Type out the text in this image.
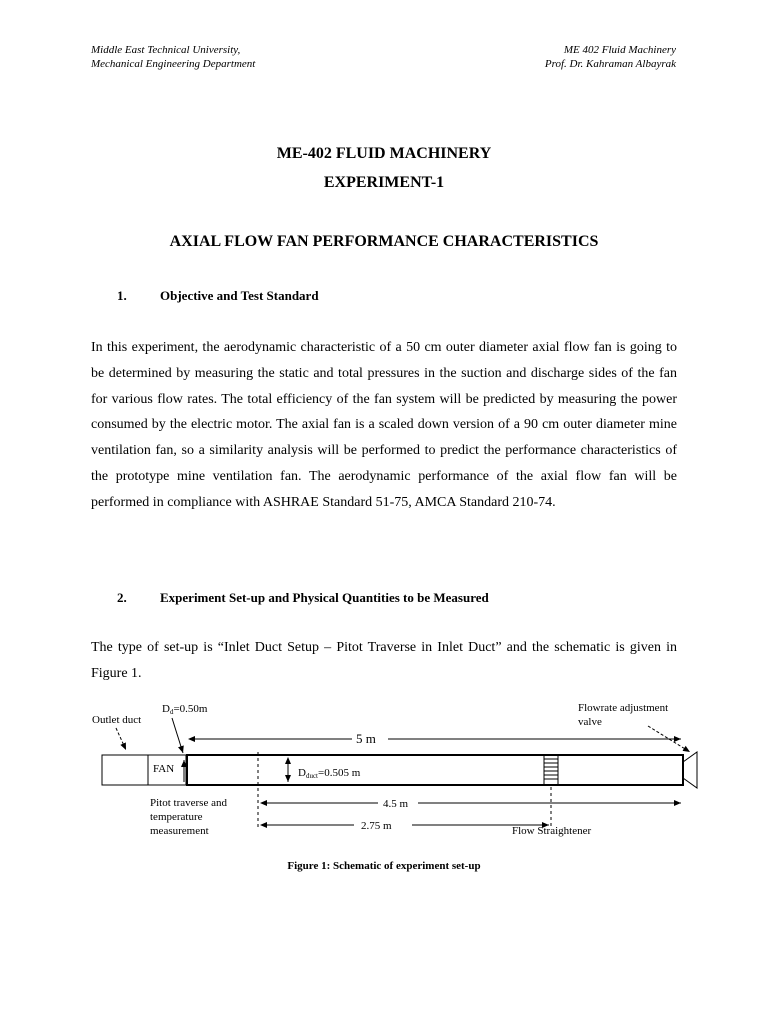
Middle East Technical University,
Mechanical Engineering Department
ME 402 Fluid Machinery
Prof. Dr. Kahraman Albayrak
ME-402 FLUID MACHINERY
EXPERIMENT-1
AXIAL FLOW FAN PERFORMANCE CHARACTERISTICS
1.	Objective and Test Standard
In this experiment, the aerodynamic characteristic of a 50 cm outer diameter axial flow fan is going to be determined by measuring the static and total pressures in the suction and discharge sides of the fan for various flow rates. The total efficiency of the fan system will be predicted by measuring the power consumed by the electric motor. The axial fan is a scaled down version of a 90 cm outer diameter mine ventilation fan, so a similarity analysis will be performed to predict the performance characteristics of the prototype mine ventilation fan. The aerodynamic performance of the axial flow fan will be performed in compliance with ASHRAE Standard 51-75, AMCA Standard 210-74.
2.	Experiment Set-up and Physical Quantities to be Measured
The type of set-up is “Inlet Duct Setup – Pitot Traverse in Inlet Duct” and the schematic is given in Figure 1.
Outlet duct
FAN
Dd=0.50m
5 m
Dduct=0.505 m
Flowrate adjustment
valve
4.5 m
2.75 m
Pitot traverse and
temperature
measurement	Flow Straightener
Figure 1: Schematic of experiment set-up
